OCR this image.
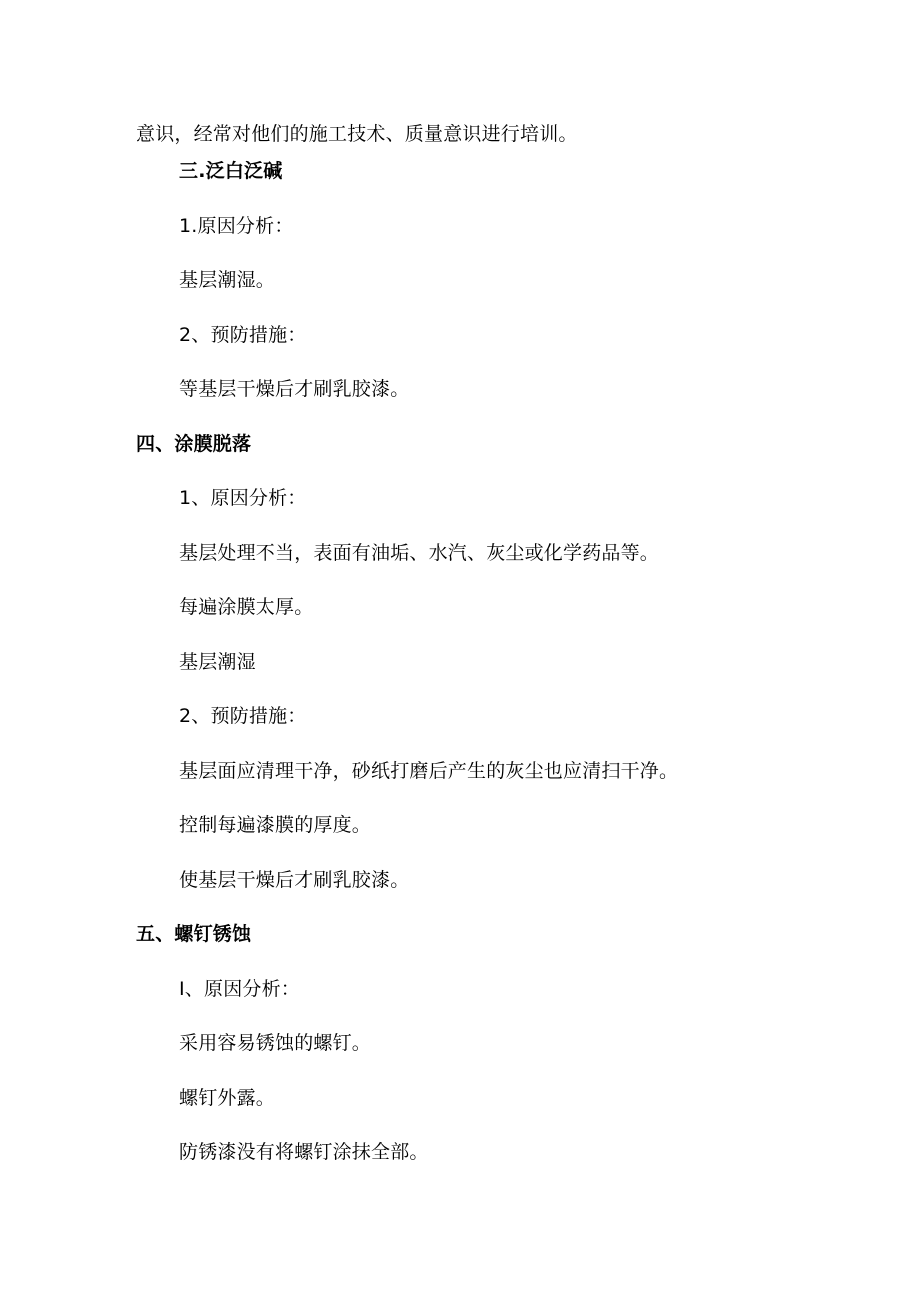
意识，经常对他们的施工技术、质量意识进行培训。
三.泛白泛碱
1.原因分析：
基层潮湿。
2、预防措施：
等基层干燥后才刷乳胶漆。
四、涂膜脱落
1、原因分析：
基层处理不当，表面有油垢、水汽、灰尘或化学药品等。
每遍涂膜太厚。
基层潮湿
2、预防措施：
基层面应清理干净，砂纸打磨后产生的灰尘也应清扫干净。
控制每遍漆膜的厚度。
使基层干燥后才刷乳胶漆。
五、螺钉锈蚀
I、原因分析：
采用容易锈蚀的螺钉。
螺钉外露。
防锈漆没有将螺钉涂抹全部。
